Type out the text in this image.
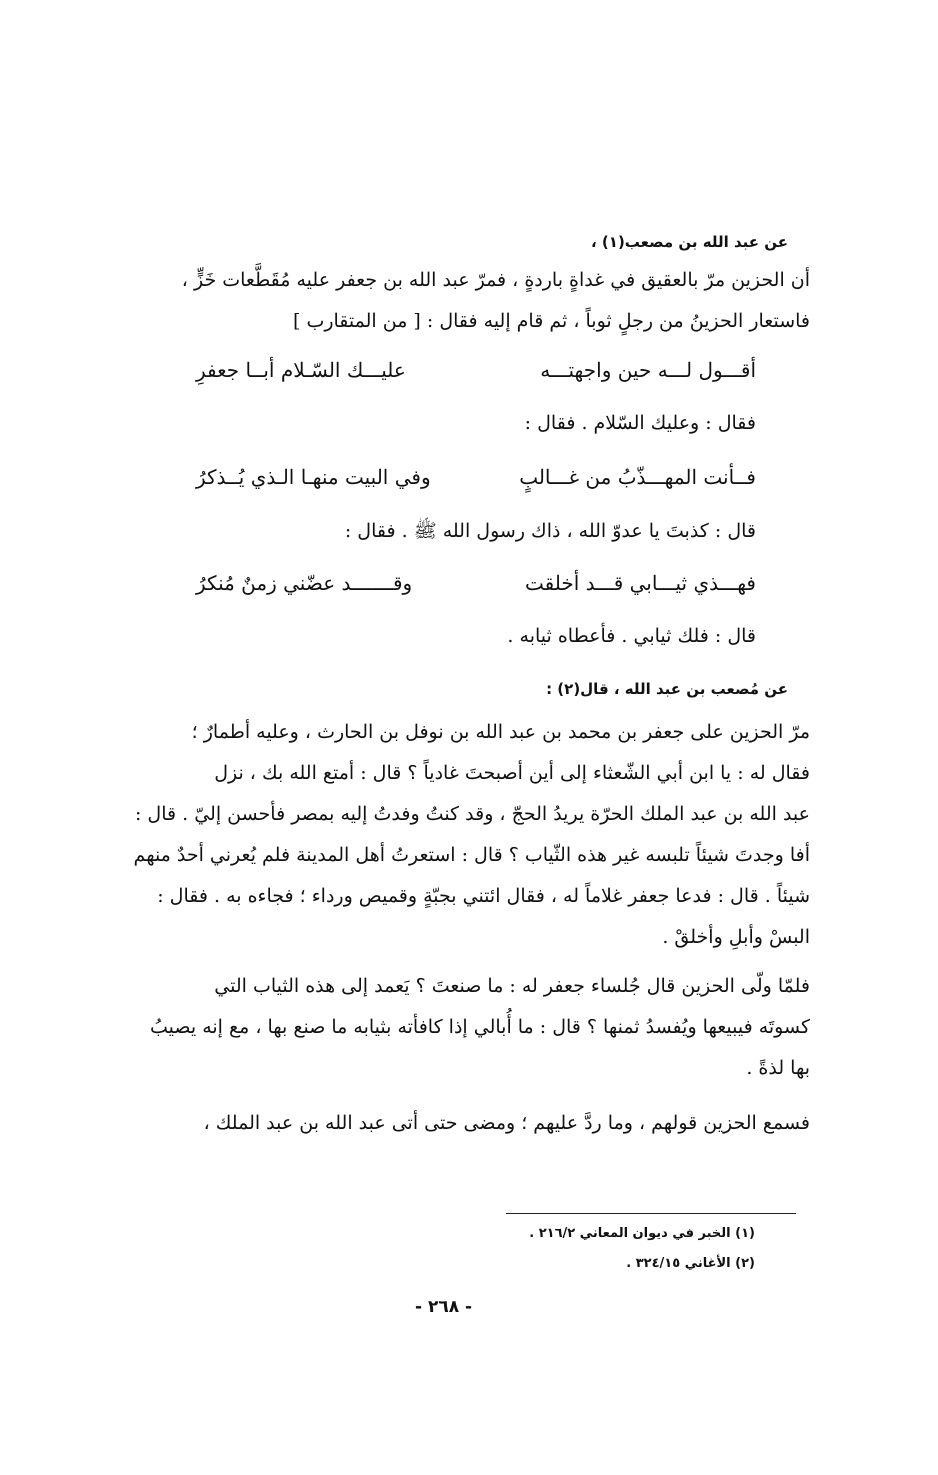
عن عبد الله بن مصعب(١) ،

أن الحزين مرّ بالعقيق في غداةٍ باردةٍ ، فمرّ عبد الله بن جعفر عليه مُقَطَّعات خَزٍّ ،

فاستعار الحزينُ من رجلٍ ثوباً ، ثم قام إليه فقال : [ من المتقارب ]

أقـــول لـــه حين واجهتـــه
عليـــك السّـلام أبــا جعفرِ
فقال : وعليك السّلام . فقال :
فــأنت المهـــذّبُ من غـــالبٍ
وفي البيت منهـا الـذي يُــذكرُ
قال : كذبتَ يا عدوّ الله ، ذاك رسول الله ﷺ . فقال :
فهـــذي ثيـــابي قـــد أخلقت
وقـــــــد عضّني زمنٌ مُنكرُ
قال : فلك ثيابي . فأعطاه ثيابه .
عن مُصعب بن عبد الله ، قال(٢) :

مرّ الحزين على جعفر بن محمد بن عبد الله بن نوفل بن الحارث ، وعليه أطمارٌ ؛

فقال له : يا ابن أبي الشّعثاء إلى أين أصبحتَ غادياً ؟ قال : أمتع الله بك ، نزل

عبد الله بن عبد الملك الحرّة يريدُ الحجّ ، وقد كنتُ وفدتُ إليه بمصر فأحسن إليّ . قال :

أفا وجدتَ شيئاً تلبسه غير هذه الثّياب ؟ قال : استعرتُ أهل المدينة فلم يُعرني أحدٌ منهم

شيئاً . قال : فدعا جعفر غلاماً له ، فقال ائتني بجبّةٍ وقميص ورداء ؛ فجاءه به . فقال :

البسْ وأبلِ وأخلقْ .

فلمّا ولّى الحزين قال جُلساء جعفر له : ما صنعتَ ؟ يَعمد إلى هذه الثياب التي

كسوتَه فيبيعها ويُفسدُ ثمنها ؟ قال : ما أُبالي إذا كافأته بثيابه ما صنع بها ، مع إنه يصيبُ

بها لذةً .

فسمع الحزين قولهم ، وما ردَّ عليهم ؛ ومضى حتى أتى عبد الله بن عبد الملك ،

(١) الخبر في ديوان المعاني ٢١٦/٢ .
(٢) الأغاني ٣٢٤/١٥ .
- ٢٦٨ -
